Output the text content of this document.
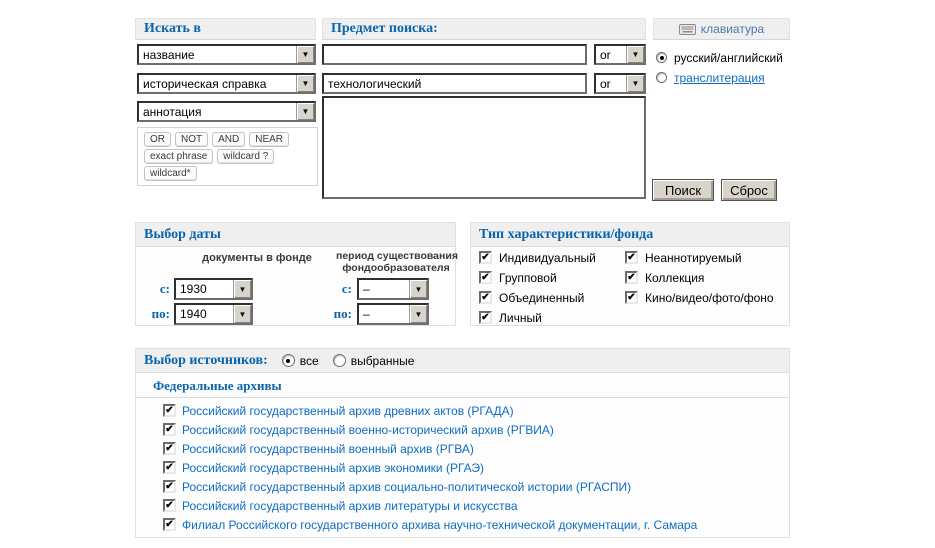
Искать в	Предмет поиска:	клавиатура
название
▼
историческая справка
▼
аннотация
▼
OR	NOT	AND	NEAR
exact phrase	wildcard ?
wildcard*
or
▼
технологический
or
▼
русский/английский
транслитерация
Поиск	Сброс
Выбор даты
документы в фонде	период существования
фондообразователя
с: 1930
▼
по: 1940
▼
с: –
▼
по: –
▼
Тип характеристики/фонда
✔
Индивидуальный
✔
Групповой
✔
Объединенный
✔
Личный
✔
Неаннотируемый
✔
Коллекция
✔
Кино/видео/фото/фоно
Выбор источников:	все	выбранные
Федеральные архивы
✔
Российский государственный архив древних актов (РГАДА)
✔
Российский государственный военно-исторический архив (РГВИА)
✔
Российский государственный военный архив (РГВА)
✔
Российский государственный архив экономики (РГАЭ)
✔
Российский государственный архив социально-политической истории (РГАСПИ)
✔
Российский государственный архив литературы и искусства
✔
Филиал Российского государственного архива научно-технической документации, г. Самара
